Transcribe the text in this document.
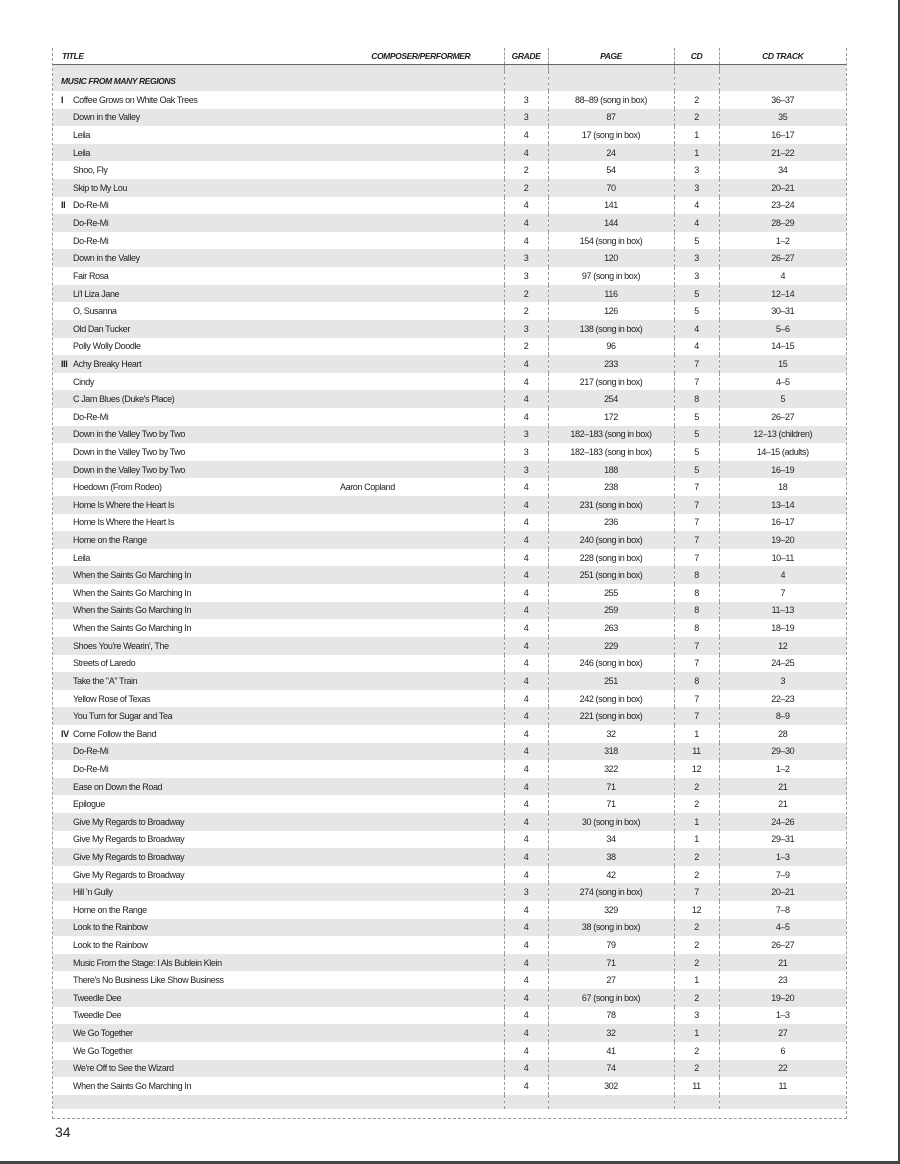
TITLE	COMPOSER/PERFORMER	GRADE	PAGE	CD	CD TRACK

MUSIC FROM MANY REGIONS					
I Coffee Grows on White Oak Trees		3	88–89 (song in box)	2	36–37
Down in the Valley		3	87	2	35
Leila		4	17 (song in box)	1	16–17
Leila		4	24	1	21–22
Shoo, Fly		2	54	3	34
Skip to My Lou		2	70	3	20–21
II Do-Re-Mi		4	141	4	23–24
Do-Re-Mi		4	144	4	28–29
Do-Re-Mi		4	154 (song in box)	5	1–2
Down in the Valley		3	120	3	26–27
Fair Rosa		3	97 (song in box)	3	4
Li'l Liza Jane		2	116	5	12–14
O, Susanna		2	126	5	30–31
Old Dan Tucker		3	138 (song in box)	4	5–6
Polly Wolly Doodle		2	96	4	14–15
III Achy Breaky Heart		4	233	7	15
Cindy		4	217 (song in box)	7	4–5
C Jam Blues (Duke's Place)		4	254	8	5
Do-Re-Mi		4	172	5	26–27
Down in the Valley Two by Two		3	182–183 (song in box)	5	12–13 (children)
Down in the Valley Two by Two		3	182–183 (song in box)	5	14–15 (adults)
Down in the Valley Two by Two		3	188	5	16–19
Hoedown (From Rodeo)	Aaron Copland	4	238	7	18
Home Is Where the Heart Is		4	231 (song in box)	7	13–14
Home Is Where the Heart Is		4	236	7	16–17
Home on the Range		4	240 (song in box)	7	19–20
Leila		4	228 (song in box)	7	10–11
When the Saints Go Marching In		4	251 (song in box)	8	4
When the Saints Go Marching In		4	255	8	7
When the Saints Go Marching In		4	259	8	11–13
When the Saints Go Marching In		4	263	8	18–19
Shoes You're Wearin', The		4	229	7	12
Streets of Laredo		4	246 (song in box)	7	24–25
Take the "A" Train		4	251	8	3
Yellow Rose of Texas		4	242 (song in box)	7	22–23
You Turn for Sugar and Tea		4	221 (song in box)	7	8–9
IV Come Follow the Band		4	32	1	28
Do-Re-Mi		4	318	11	29–30
Do-Re-Mi		4	322	12	1–2
Ease on Down the Road		4	71	2	21
Epilogue		4	71	2	21
Give My Regards to Broadway		4	30 (song in box)	1	24–26
Give My Regards to Broadway		4	34	1	29–31
Give My Regards to Broadway		4	38	2	1–3
Give My Regards to Broadway		4	42	2	7–9
Hill 'n Gully		3	274 (song in box)	7	20–21
Home on the Range		4	329	12	7–8
Look to the Rainbow		4	38 (song in box)	2	4–5
Look to the Rainbow		4	79	2	26–27
Music From the Stage: I Als Bublein Klein		4	71	2	21
There's No Business Like Show Business		4	27	1	23
Tweedle Dee		4	67 (song in box)	2	19–20
Tweedle Dee		4	78	3	1–3
We Go Together		4	32	1	27
We Go Together		4	41	2	6
We're Off to See the Wizard		4	74	2	22
When the Saints Go Marching In		4	302	11	11

34
